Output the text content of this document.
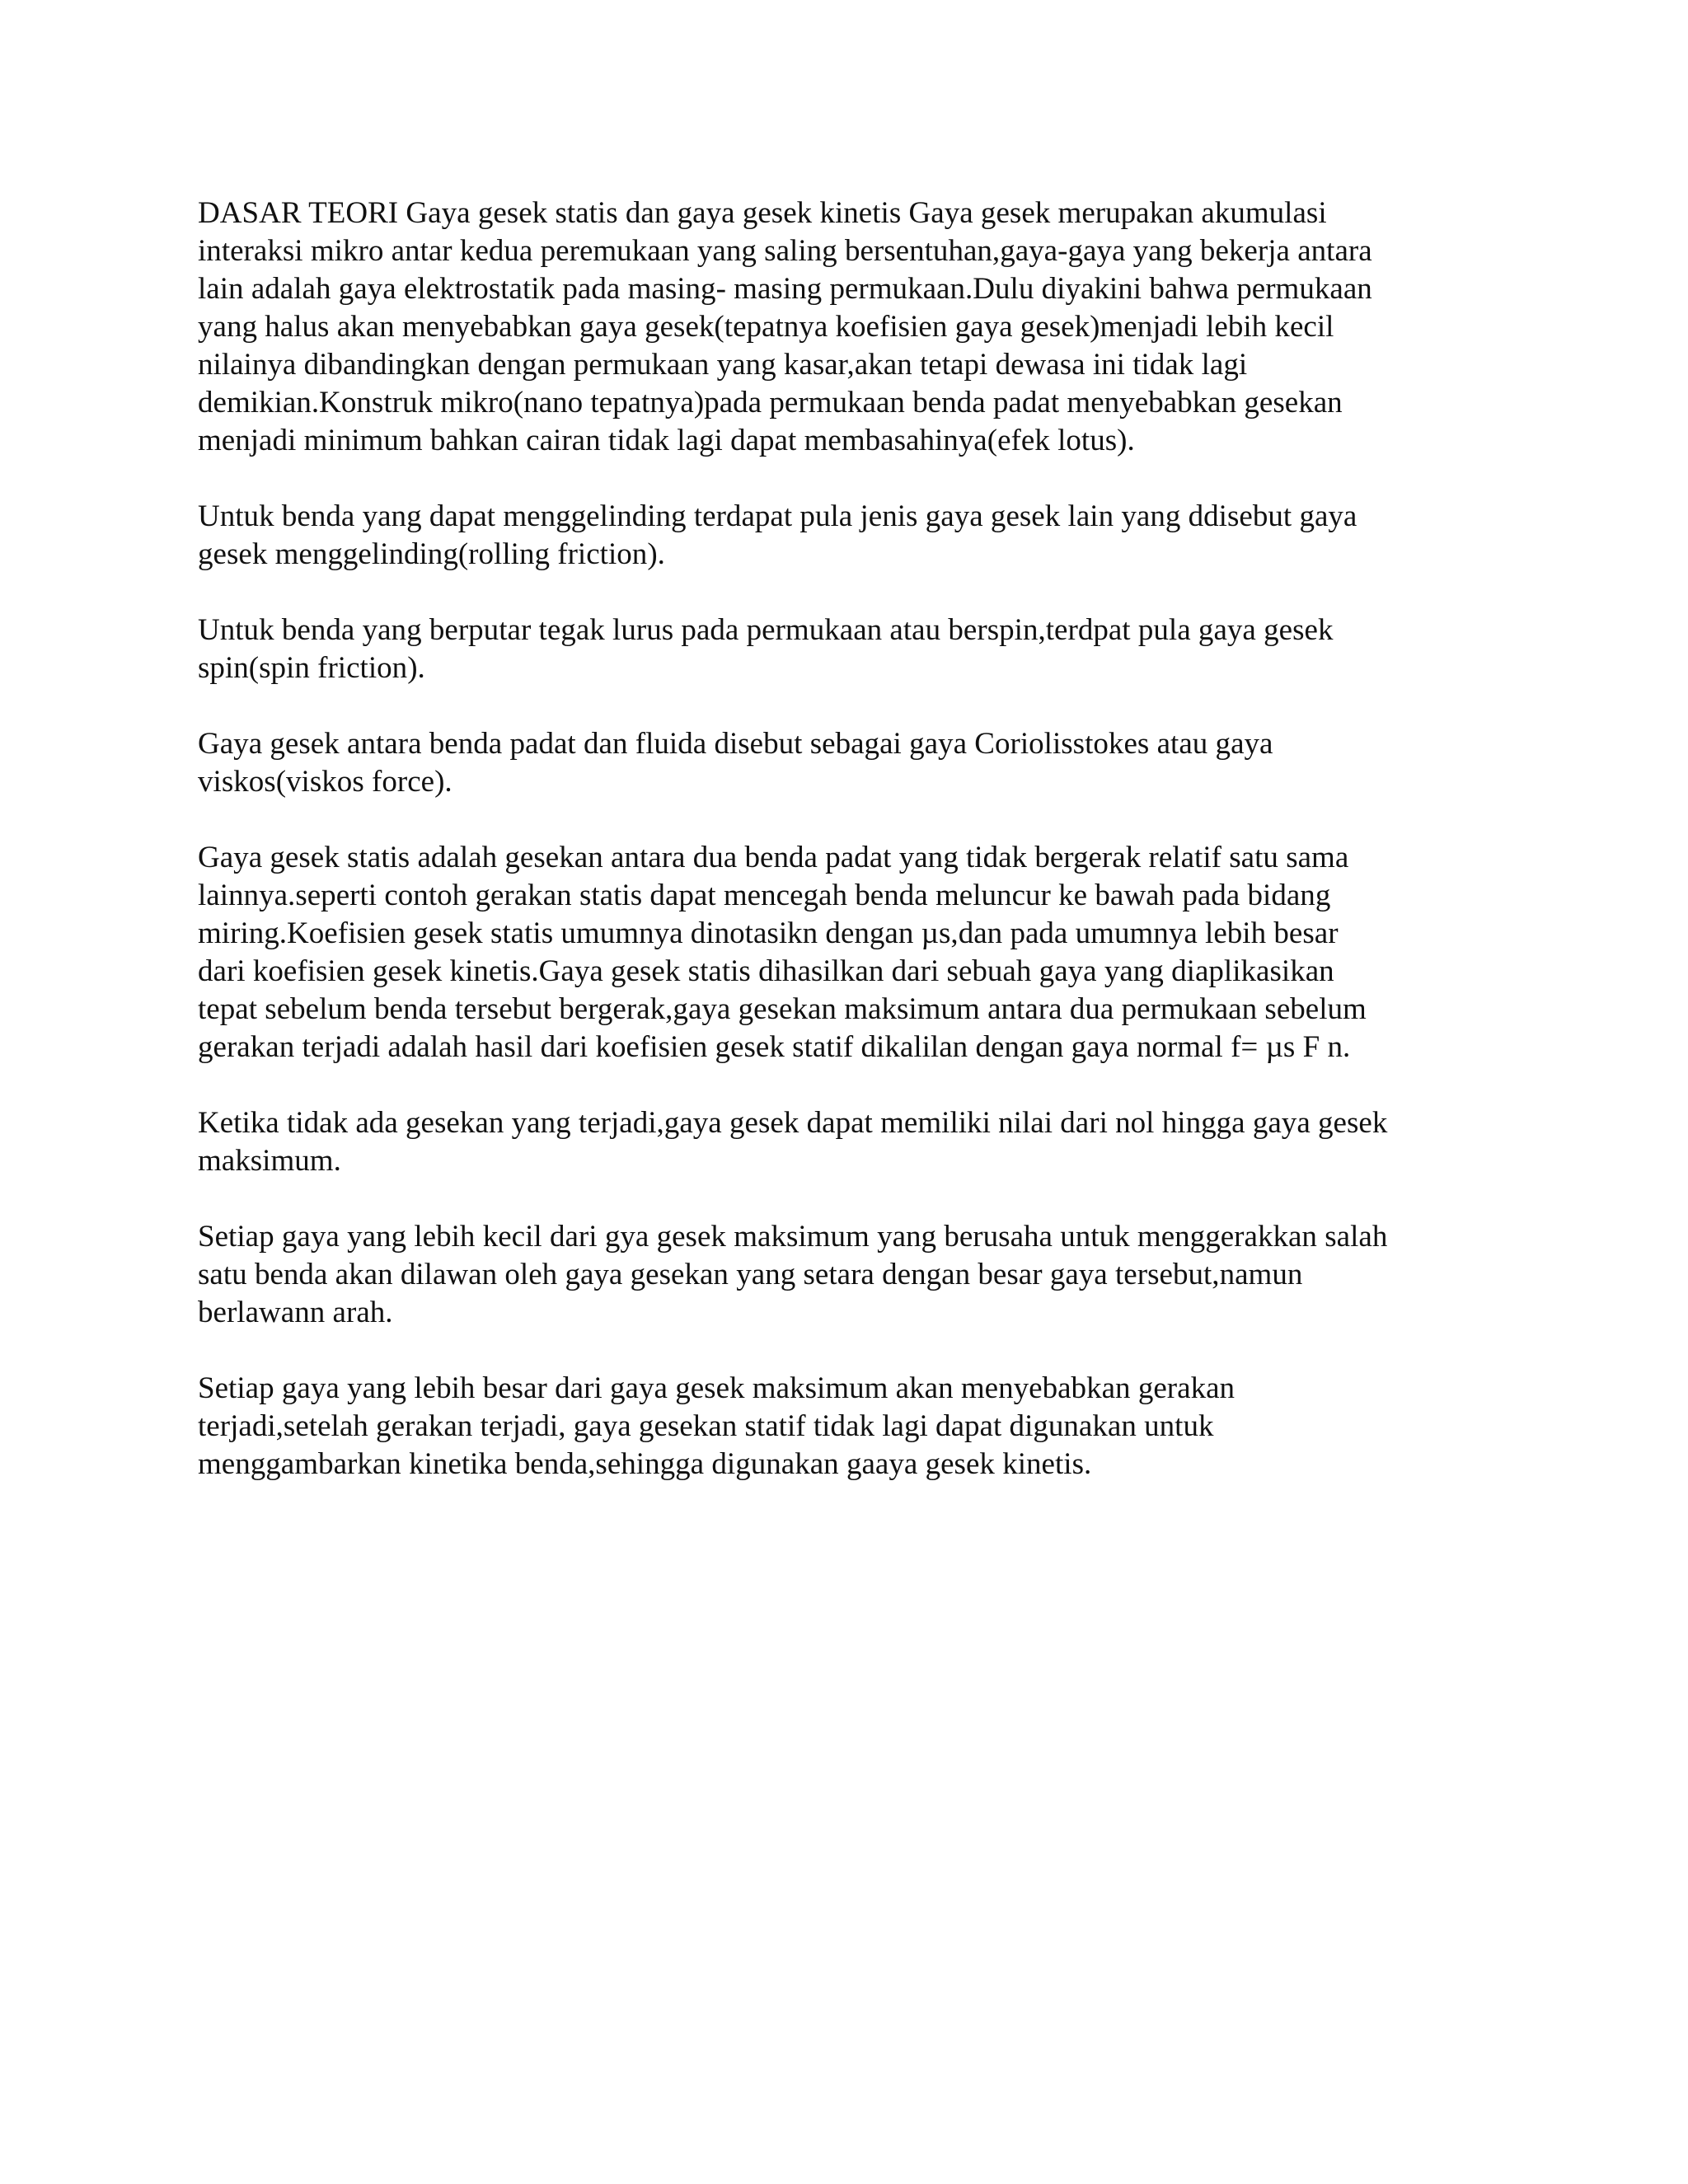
DASAR TEORI Gaya gesek statis dan gaya gesek kinetis Gaya gesek merupakan akumulasi
interaksi mikro antar kedua peremukaan yang saling bersentuhan,gaya-gaya yang bekerja antara
lain adalah gaya elektrostatik pada masing- masing permukaan.Dulu diyakini bahwa permukaan
yang halus akan menyebabkan gaya gesek(tepatnya koefisien gaya gesek)menjadi lebih kecil
nilainya dibandingkan dengan permukaan yang kasar,akan tetapi dewasa ini tidak lagi
demikian.Konstruk mikro(nano tepatnya)pada permukaan benda padat menyebabkan gesekan
menjadi minimum bahkan cairan tidak lagi dapat membasahinya(efek lotus).

Untuk benda yang dapat menggelinding terdapat pula jenis gaya gesek lain yang ddisebut gaya
gesek menggelinding(rolling friction).

Untuk benda yang berputar tegak lurus pada permukaan atau berspin,terdpat pula gaya gesek
spin(spin friction).

Gaya gesek antara benda padat dan fluida disebut sebagai gaya Coriolisstokes atau gaya
viskos(viskos force).

Gaya gesek statis adalah gesekan antara dua benda padat yang tidak bergerak relatif satu sama
lainnya.seperti contoh gerakan statis dapat mencegah benda meluncur ke bawah pada bidang
miring.Koefisien gesek statis umumnya dinotasikn dengan µs,dan pada umumnya lebih besar
dari koefisien gesek kinetis.Gaya gesek statis dihasilkan dari sebuah gaya yang diaplikasikan
tepat sebelum benda tersebut bergerak,gaya gesekan maksimum antara dua permukaan sebelum
gerakan terjadi adalah hasil dari koefisien gesek statif dikalilan dengan gaya normal f= µs F n.

Ketika tidak ada gesekan yang terjadi,gaya gesek dapat memiliki nilai dari nol hingga gaya gesek
maksimum.

Setiap gaya yang lebih kecil dari gya gesek maksimum yang berusaha untuk menggerakkan salah
satu benda akan dilawan oleh gaya gesekan yang setara dengan besar gaya tersebut,namun
berlawann arah.

Setiap gaya yang lebih besar dari gaya gesek maksimum akan menyebabkan gerakan
terjadi,setelah gerakan terjadi, gaya gesekan statif tidak lagi dapat digunakan untuk
menggambarkan kinetika benda,sehingga digunakan gaaya gesek kinetis.
